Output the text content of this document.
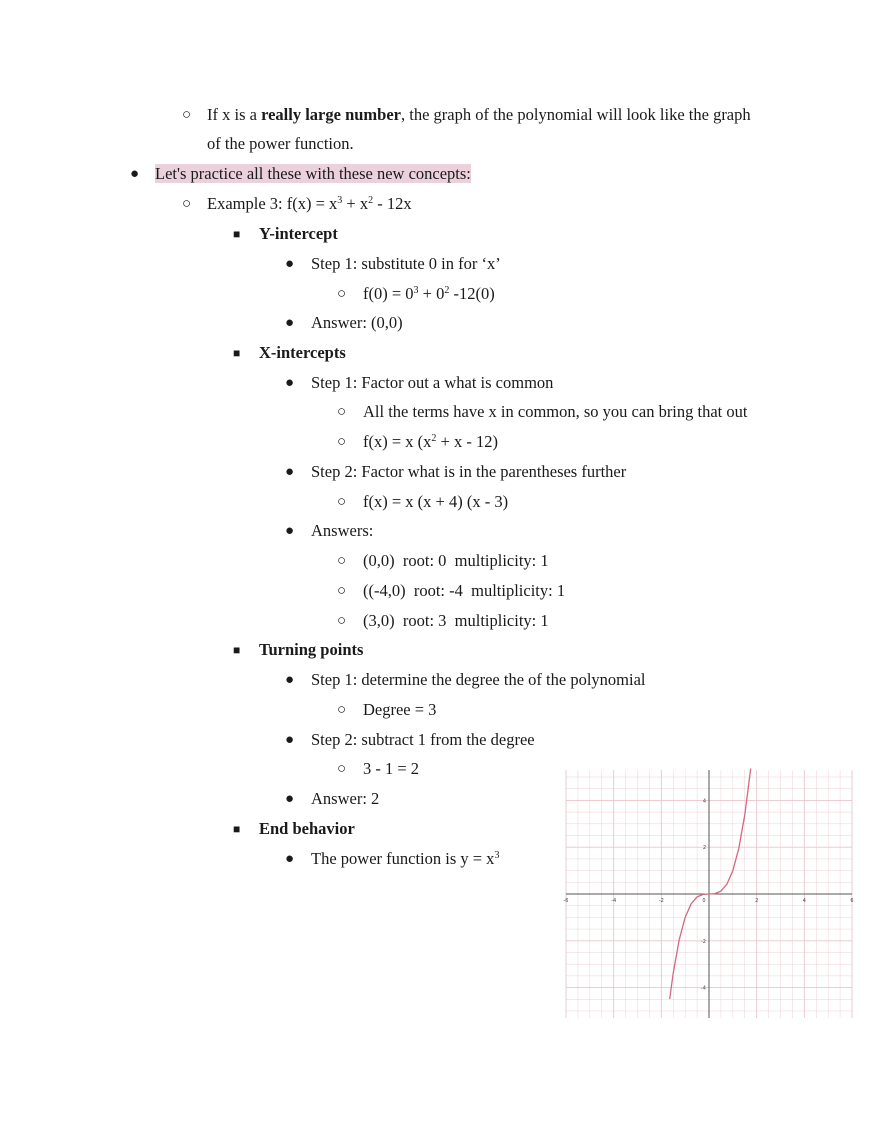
○ If x is a really large number, the graph of the polynomial will look like the graph
of the power function.
● Let's practice all these with these new concepts:
○ Example 3: $f(x) = x^3 + x^2 - 12x$
■ Y-intercept
● Step 1: substitute 0 in for ‘x’
○ $f(0) = 0^3 + 0^2$ -12(0)
● Answer: (0,0)
■ X-intercepts
● Step 1: Factor out a what is common
○ All the terms have x in common, so you can bring that out
○ f(x) = x $(x^2 + x - 12)$
● Step 2: Factor what is in the parentheses further
○ f(x) = x (x + 4) (x - 3)
● Answers:
○ (0,0)  root: 0  multiplicity: 1
○ ((-4,0)  root: -4  multiplicity: 1
○ (3,0)  root: 3  multiplicity: 1
■ Turning points
● Step 1: determine the degree the of the polynomial
○ Degree = 3
● Step 2: subtract 1 from the degree
○ 3 - 1 = 2
● Answer: 2
■ End behavior
● The power function is $y = x^3$
-6	-4	-2	0	2	4	6
4
2
-2
-4
